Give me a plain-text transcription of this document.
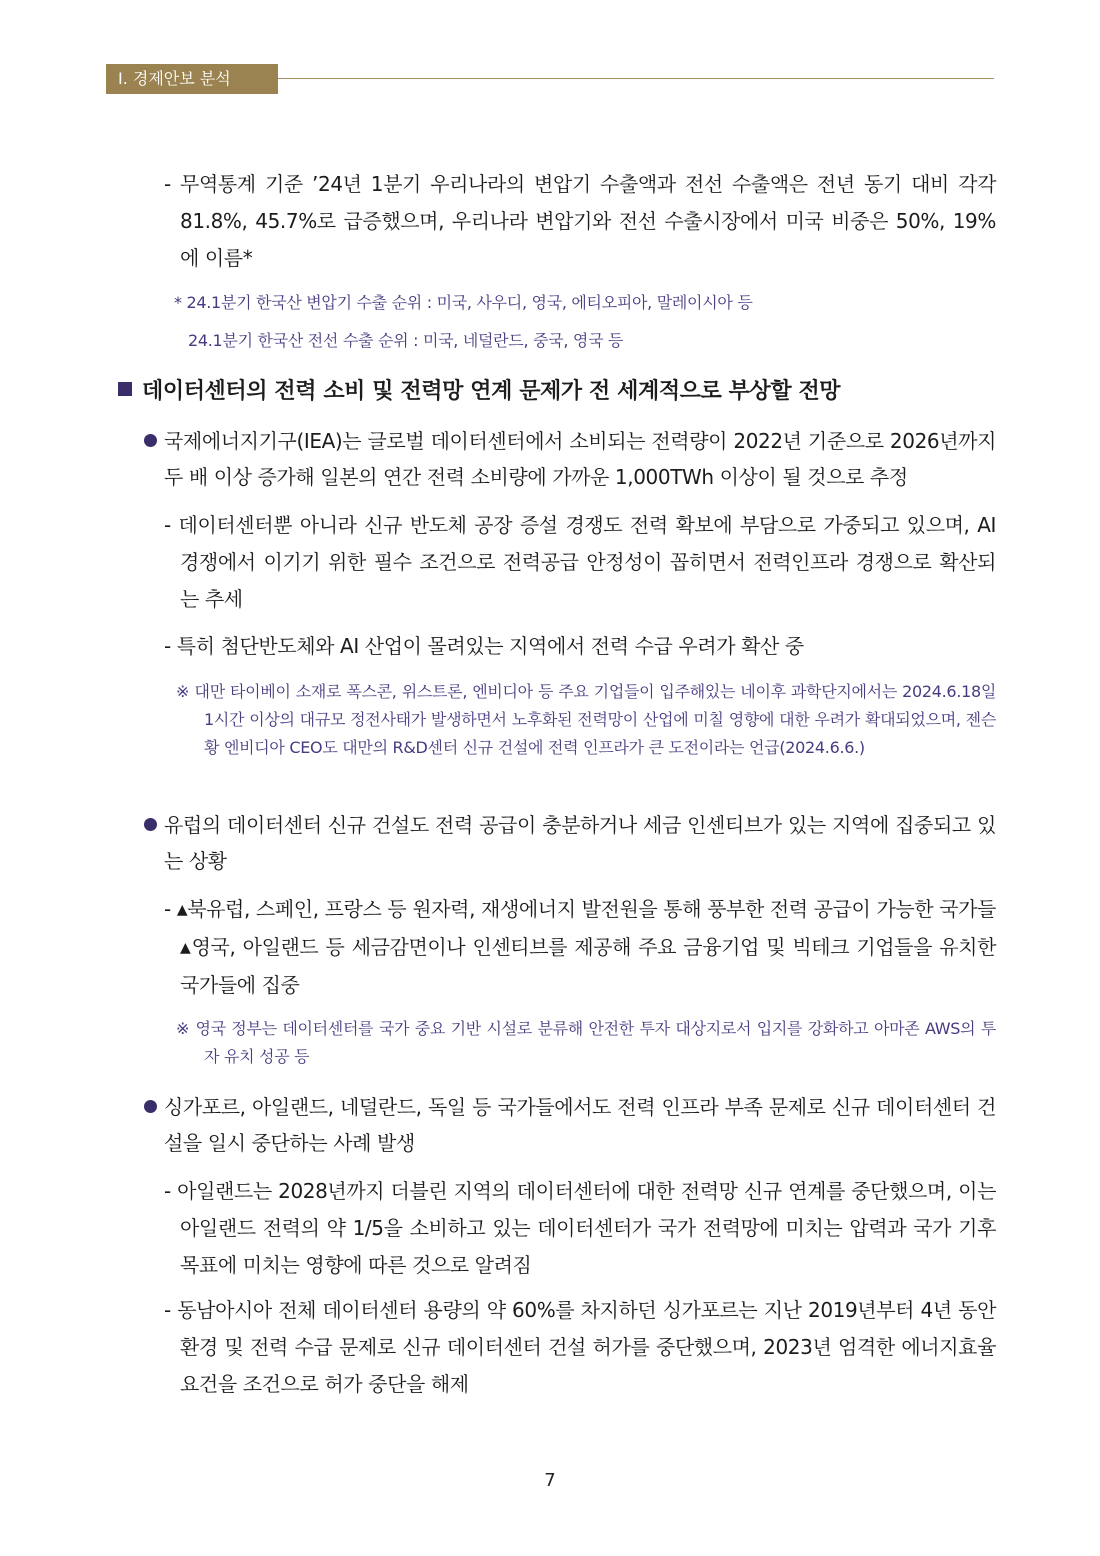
Ⅰ. 경제안보 분석
- 무역통계 기준 ’24년 1분기 우리나라의 변압기 수출액과 전선 수출액은 전년 동기 대비 각각 81.8%, 45.7%로 급증했으며, 우리나라 변압기와 전선 수출시장에서 미국 비중은 50%, 19%에 이름*
* 24.1분기 한국산 변압기 수출 순위 : 미국, 사우디, 영국, 에티오피아, 말레이시아 등
24.1분기 한국산 전선 수출 순위 : 미국, 네덜란드, 중국, 영국 등
데이터센터의 전력 소비 및 전력망 연계 문제가 전 세계적으로 부상할 전망
국제에너지기구(IEA)는 글로벌 데이터센터에서 소비되는 전력량이 2022년 기준으로 2026년까지 두 배 이상 증가해 일본의 연간 전력 소비량에 가까운 1,000TWh 이상이 될 것으로 추정
- 데이터센터뿐 아니라 신규 반도체 공장 증설 경쟁도 전력 확보에 부담으로 가중되고 있으며, AI 경쟁에서 이기기 위한 필수 조건으로 전력공급 안정성이 꼽히면서 전력인프라 경쟁으로 확산되는 추세
- 특히 첨단반도체와 AI 산업이 몰려있는 지역에서 전력 수급 우려가 확산 중
※ 대만 타이베이 소재로 폭스콘, 위스트론, 엔비디아 등 주요 기업들이 입주해있는 네이후 과학단지에서는 2024.6.18일 1시간 이상의 대규모 정전사태가 발생하면서 노후화된 전력망이 산업에 미칠 영향에 대한 우려가 확대되었으며, 젠슨 황 엔비디아 CEO도 대만의 R&D센터 신규 건설에 전력 인프라가 큰 도전이라는 언급(2024.6.6.)
유럽의 데이터센터 신규 건설도 전력 공급이 충분하거나 세금 인센티브가 있는 지역에 집중되고 있는 상황
- ▲북유럽, 스페인, 프랑스 등 원자력, 재생에너지 발전원을 통해 풍부한 전력 공급이 가능한 국가들 ▲영국, 아일랜드 등 세금감면이나 인센티브를 제공해 주요 금융기업 및 빅테크 기업들을 유치한 국가들에 집중
※ 영국 정부는 데이터센터를 국가 중요 기반 시설로 분류해 안전한 투자 대상지로서 입지를 강화하고 아마존 AWS의 투자 유치 성공 등
싱가포르, 아일랜드, 네덜란드, 독일 등 국가들에서도 전력 인프라 부족 문제로 신규 데이터센터 건설을 일시 중단하는 사례 발생
- 아일랜드는 2028년까지 더블린 지역의 데이터센터에 대한 전력망 신규 연계를 중단했으며, 이는 아일랜드 전력의 약 1/5을 소비하고 있는 데이터센터가 국가 전력망에 미치는 압력과 국가 기후목표에 미치는 영향에 따른 것으로 알려짐
- 동남아시아 전체 데이터센터 용량의 약 60%를 차지하던 싱가포르는 지난 2019년부터 4년 동안 환경 및 전력 수급 문제로 신규 데이터센터 건설 허가를 중단했으며, 2023년 엄격한 에너지효율 요건을 조건으로 허가 중단을 해제
7
